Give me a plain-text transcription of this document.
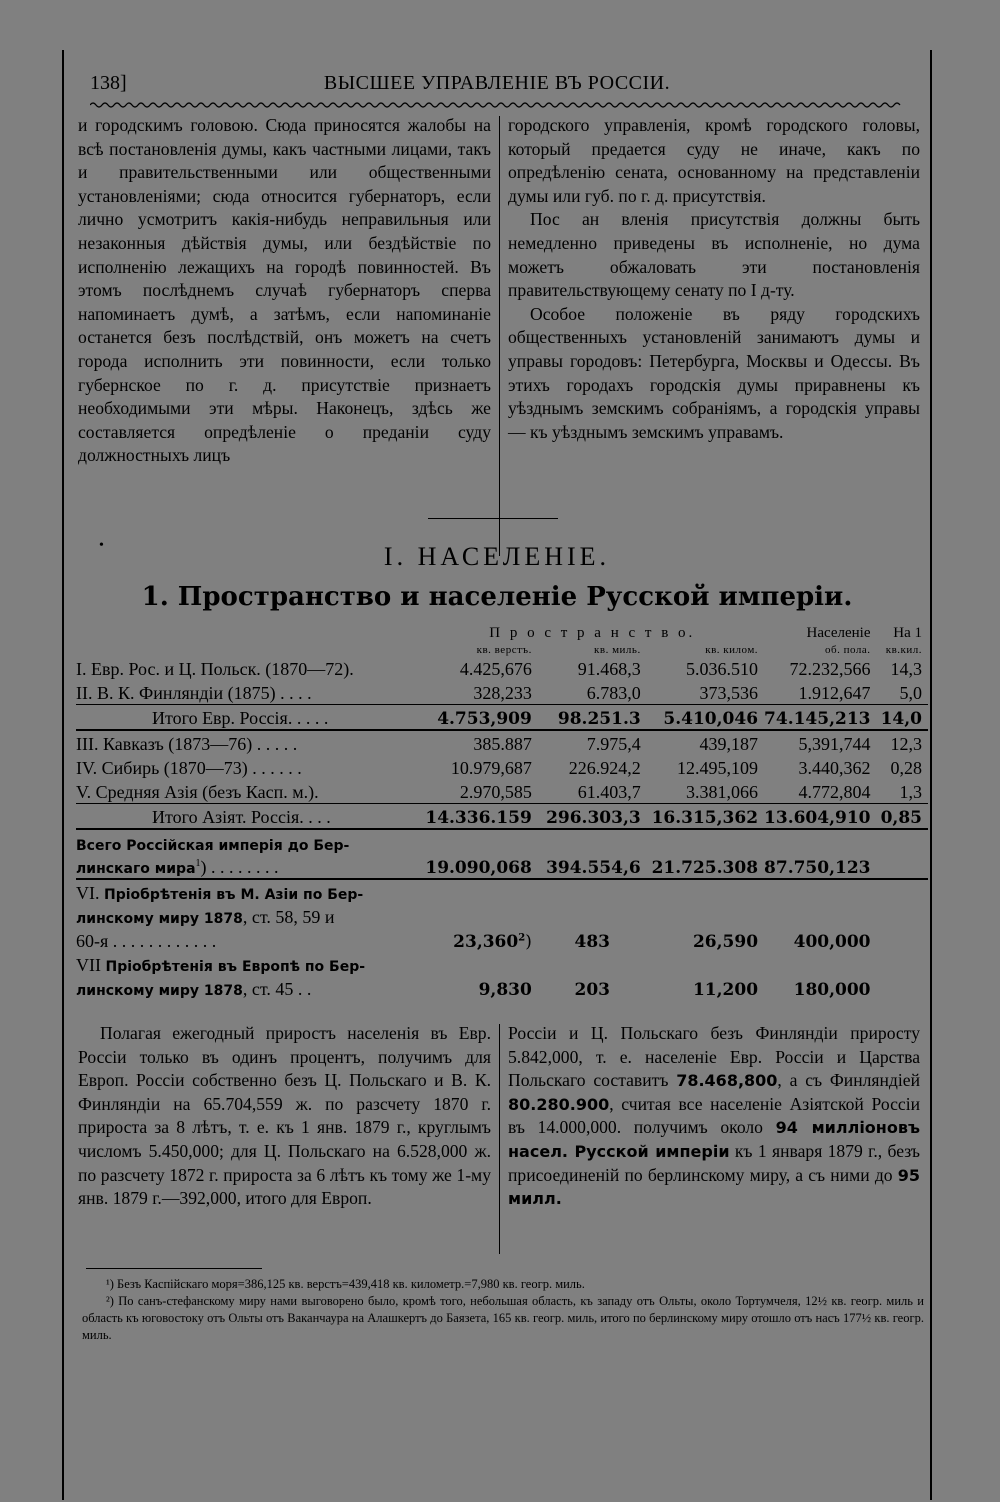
138]	ВЫСШЕЕ УПРАВЛЕНІЕ ВЪ РОССІИ.

и городскимъ головою. Сюда приносятся жалобы на всѣ постановленія думы, какъ частными лицами, такъ и правительственными или общественными установленіями; сюда относится губернаторъ, если лично усмотритъ какія-нибудь неправильныя или незаконныя дѣйствія думы, или бездѣйствіе по исполненію лежащихъ на городѣ повинностей. Въ этомъ послѣднемъ случаѣ губернаторъ сперва напоминаетъ думѣ, а затѣмъ, если напоминаніе останется безъ послѣдствій, онъ можетъ на счетъ города исполнить эти повинности, если только губернское по г. д. присутствіе признаетъ необходимыми эти мѣры. Наконецъ, здѣсь же составляется опредѣленіе о преданіи суду должностныхъ лицъ

городского управленія, кромѣ городского головы, который предается суду не иначе, какъ по опредѣленію сената, основанному на представленіи думы или губ. по г. д. присутствія.

Пос ан вленія присутствія должны быть немедленно приведены въ исполненіе, но дума можетъ обжаловать эти постановленія правительствующему сенату по I д-ту.

Особое положеніе въ ряду городскихъ общественныхъ установленій занимаютъ думы и управы городовъ: Петербурга, Москвы и Одессы. Въ этихъ городахъ городскія думы приравнены къ уѣзднымъ земскимъ собраніямъ, а городскія управы — къ уѣзднымъ земскимъ управамъ.

•	I. НАСЕЛЕНІЕ.
1. Пространство и населеніе Русской имперіи.
	П р о с т р а н с т в о.			Населеніе	На 1
	кв. верстъ.	кв. миль.	кв. килом.	об. пола.	кв.кил.
I. Евр. Рос. и Ц. Польск. (1870—72).	4.425,676	91.468,3	5.036.510	72.232,566	14,3
II. В. К. Финляндіи (1875) . . . .	328,233	6.783,0	373,536	1.912,647	5,0
Итого Евр. Россія. . . . .	4.753,909	98.251.3	5.410,046	74.145,213	14,0
III. Кавказъ (1873—76) . . . . .	385.887	7.975,4	439,187	5,391,744	12,3
IV. Сибирь (1870—73) . . . . . .	10.979,687	226.924,2	12.495,109	3.440,362	0,28
V. Средняя Азія (безъ Касп. м.).	2.970,585	61.403,7	3.381,066	4.772,804	1,3
Итого Азіят. Россія. . . .	14.336.159	296.303,3	16.315,362	13.604,910	0,85
Всего Россійская имперія до Бер-					
линскаго мира$^1$) . . . . . . . .	19.090,068	394.554,6	21.725.308	87.750,123	
VI. Пріобрѣтенія въ М. Азіи по Бер-					
линскому миру 1878, ст. 58, 59 и					
60-я . . . . . . . . . . . .	23,360$^2$)	483	26,590	400,000	
VII Пріобрѣтенія въ Европѣ по Бер-					
линскому миру 1878, ст. 45 . .	9,830	203	11,200	180,000	

Полагая ежегодный приростъ населенія въ Евр. Россіи только въ одинъ процентъ, получимъ для Европ. Россіи собственно безъ Ц. Польскаго и В. К. Финляндіи на 65.704,559 ж. по разсчету 1870 г. прироста за 8 лѣтъ, т. е. къ 1 янв. 1879 г., круглымъ числомъ 5.450,000; для Ц. Польскаго на 6.528,000 ж. по разсчету 1872 г. прироста за 6 лѣтъ къ тому же 1-му янв. 1879 г.—392,000, итого для Европ.

Россіи и Ц. Польскаго безъ Финляндіи приросту 5.842,000, т. е. населеніе Евр. Россіи и Царства Польскаго составитъ 78.468,800, а съ Финляндіей 80.280.900, считая все населеніе Азіятской Россіи въ 14.000,000. получимъ около 94 милліоновъ насел. Русской имперіи къ 1 января 1879 г., безъ присоединеній по берлинскому миру, а съ ними до 95 милл.

¹) Безъ Каспійскаго моря=386,125 кв. верстъ=439,418 кв. километр.=7,980 кв. геогр. миль.

²) По санъ-стефанскому миру нами выговорено было, кромѣ того, небольшая область, къ западу отъ Ольты, около Тортумчеля, 12½ кв. геогр. миль и область къ юговостоку отъ Ольты отъ Ваканчаура на Алашкертъ до Баязета, 165 кв. геогр. миль, итого по берлинскому миру отошло отъ насъ 177½ кв. геогр. миль.
